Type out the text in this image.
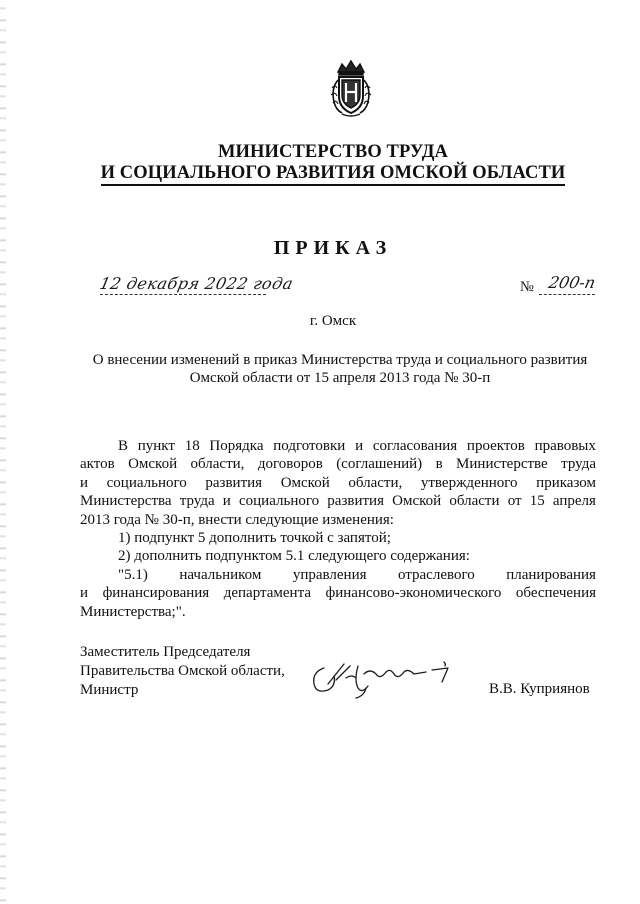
МИНИСТЕРСТВО ТРУДА
И СОЦИАЛЬНОГО РАЗВИТИЯ ОМСКОЙ ОБЛАСТИ
ПРИКАЗ
12 декабря 2022 года	№ 200-п
г. Омск
О внесении изменений в приказ Министерства труда и социального развития
Омской области от 15 апреля 2013 года № 30-п
В пункт 18 Порядка подготовки и согласования проектов правовых
актов Омской области, договоров (соглашений) в Министерстве труда
и социального развития Омской области, утвержденного приказом
Министерства труда и социального развития Омской области от 15 апреля
2013 года № 30-п, внести следующие изменения:
1) подпункт 5 дополнить точкой с запятой;
2) дополнить подпунктом 5.1 следующего содержания:
"5.1) начальником управления отраслевого планирования
и финансирования департамента финансово-экономического обеспечения
Министерства;".
Заместитель Председателя
Правительства Омской области,
Министр	В.В. Куприянов
